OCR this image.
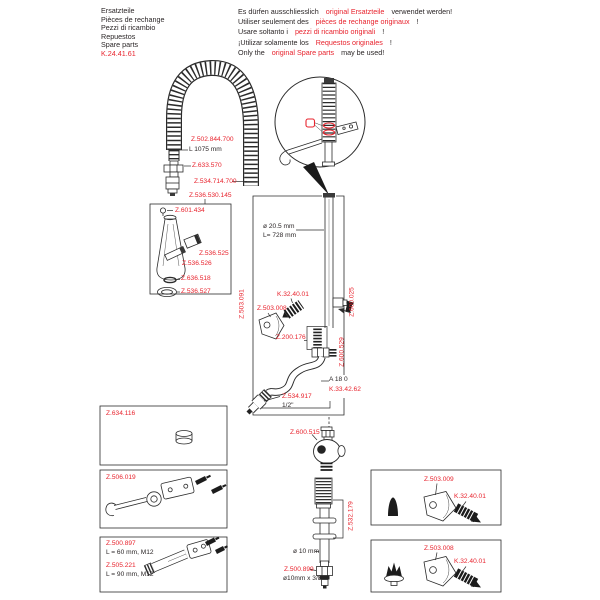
Ersatzteile
Pièces de rechange
Pezzi di ricambio
Repuestos
Spare parts
K.24.41.61
Es dürfen ausschliesslich original Ersatzteile verwendet werden!
Utiliser seulement des pièces de rechange originaux !
Usare soltanto i pezzi di ricambio originali !
¡Utilizar solamente los Requestos originales !
Only the original Spare parts may be used!
Z.502.844.700
L 1075 mm
Z.633.570
Z.534.714.700
Z.536.530.145
Z.601.434
Z.536.525
Z.536.526
Z.636.518
Z.536.527
ø 20.5 mm
L= 728 mm
Z.503.091	K.32.40.01
Z.503.008	Z.600.025
Z.200.176	Z.600.529
A 18 0
K.33.42.62
Z.534.917
1/2"
Z.600.515
Z.532.179
ø 10 mm
Z.500.899
ø10mm x 3/8"
Z.634.116
Z.506.019
Z.500.897
L = 60 mm, M12
Z.505.221
L = 90 mm, M12
Z.503.009
K.32.40.01
Z.503.008
K.32.40.01
